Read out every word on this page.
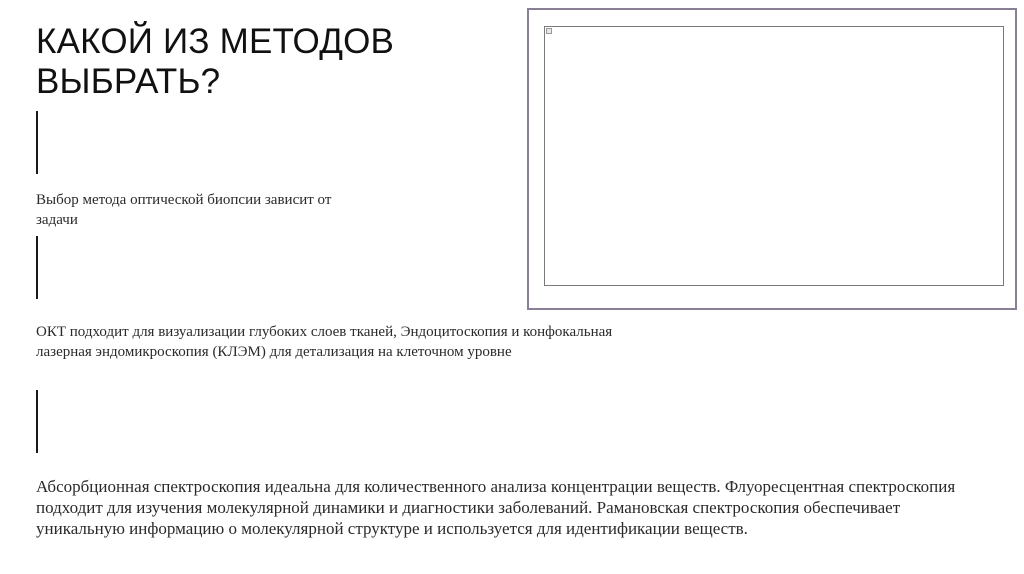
КАКОЙ ИЗ МЕТОДОВ ВЫБРАТЬ?

Выбор метода оптической биопсии зависит от задачи

ОКТ подходит для визуализации глубоких слоев тканей, Эндоцитоскопия и конфокальная лазерная эндомикроскопия (КЛЭМ) для детализация на клеточном уровне

Абсорбционная спектроскопия идеальна для количественного анализа концентрации веществ. Флуоресцентная спектроскопия подходит для изучения молекулярной динамики и диагностики заболеваний. Рамановская спектроскопия обеспечивает уникальную информацию о молекулярной структуре и используется для идентификации веществ.
